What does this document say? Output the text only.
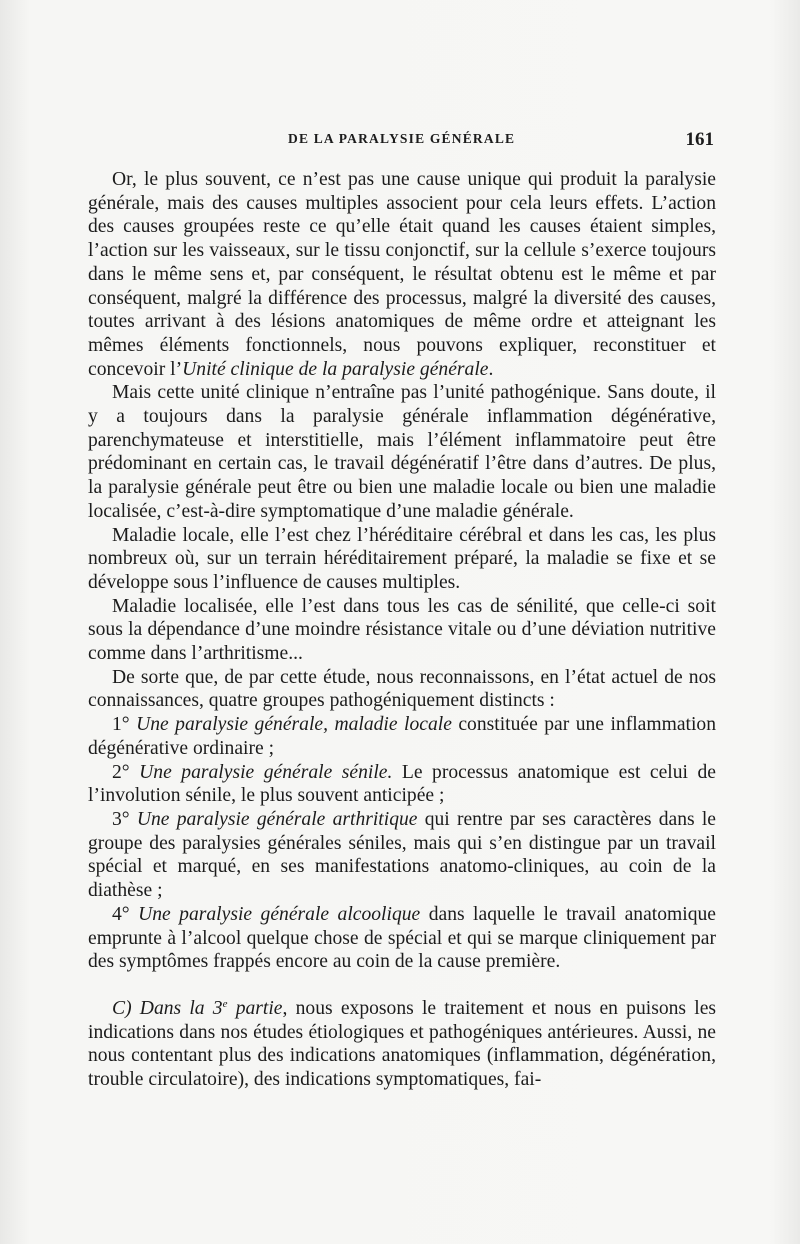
DE LA PARALYSIE GÉNÉRALE	161

Or, le plus souvent, ce n’est pas une cause unique qui produit la paralysie générale, mais des causes multiples associent pour cela leurs effets. L’action des causes groupées reste ce qu’elle était quand les causes étaient simples, l’action sur les vaisseaux, sur le tissu conjonctif, sur la cellule s’exerce toujours dans le même sens et, par conséquent, le résultat obtenu est le même et par conséquent, malgré la différence des processus, malgré la diversité des causes, toutes arrivant à des lésions anatomiques de même ordre et atteignant les mêmes éléments fonctionnels, nous pouvons expliquer, reconstituer et concevoir l’Unité clinique de la paralysie générale.

Mais cette unité clinique n’entraîne pas l’unité pathogénique. Sans doute, il y a toujours dans la paralysie générale inflammation dégénérative, parenchymateuse et interstitielle, mais l’élément inflammatoire peut être prédominant en certain cas, le travail dégénératif l’être dans d’autres. De plus, la paralysie générale peut être ou bien une maladie locale ou bien une maladie localisée, c’est-à-dire symptomatique d’une maladie générale.

Maladie locale, elle l’est chez l’héréditaire cérébral et dans les cas, les plus nombreux où, sur un terrain héréditairement préparé, la maladie se fixe et se développe sous l’influence de causes multiples.

Maladie localisée, elle l’est dans tous les cas de sénilité, que celle-ci soit sous la dépendance d’une moindre résistance vitale ou d’une déviation nutritive comme dans l’arthritisme...

De sorte que, de par cette étude, nous reconnaissons, en l’état actuel de nos connaissances, quatre groupes pathogéniquement distincts :

1° Une paralysie générale, maladie locale constituée par une inflammation dégénérative ordinaire ;

2° Une paralysie générale sénile. Le processus anatomique est celui de l’involution sénile, le plus souvent anticipée ;

3° Une paralysie générale arthritique qui rentre par ses caractères dans le groupe des paralysies générales séniles, mais qui s’en distingue par un travail spécial et marqué, en ses manifestations anatomo-cliniques, au coin de la diathèse ;

4° Une paralysie générale alcoolique dans laquelle le travail anatomique emprunte à l’alcool quelque chose de spécial et qui se marque cliniquement par des symptômes frappés encore au coin de la cause première.

C) Dans la 3e partie, nous exposons le traitement et nous en puisons les indications dans nos études étiologiques et pathogéniques antérieures. Aussi, ne nous contentant plus des indications anatomiques (inflammation, dégénération, trouble circulatoire), des indications symptomatiques, fai-
